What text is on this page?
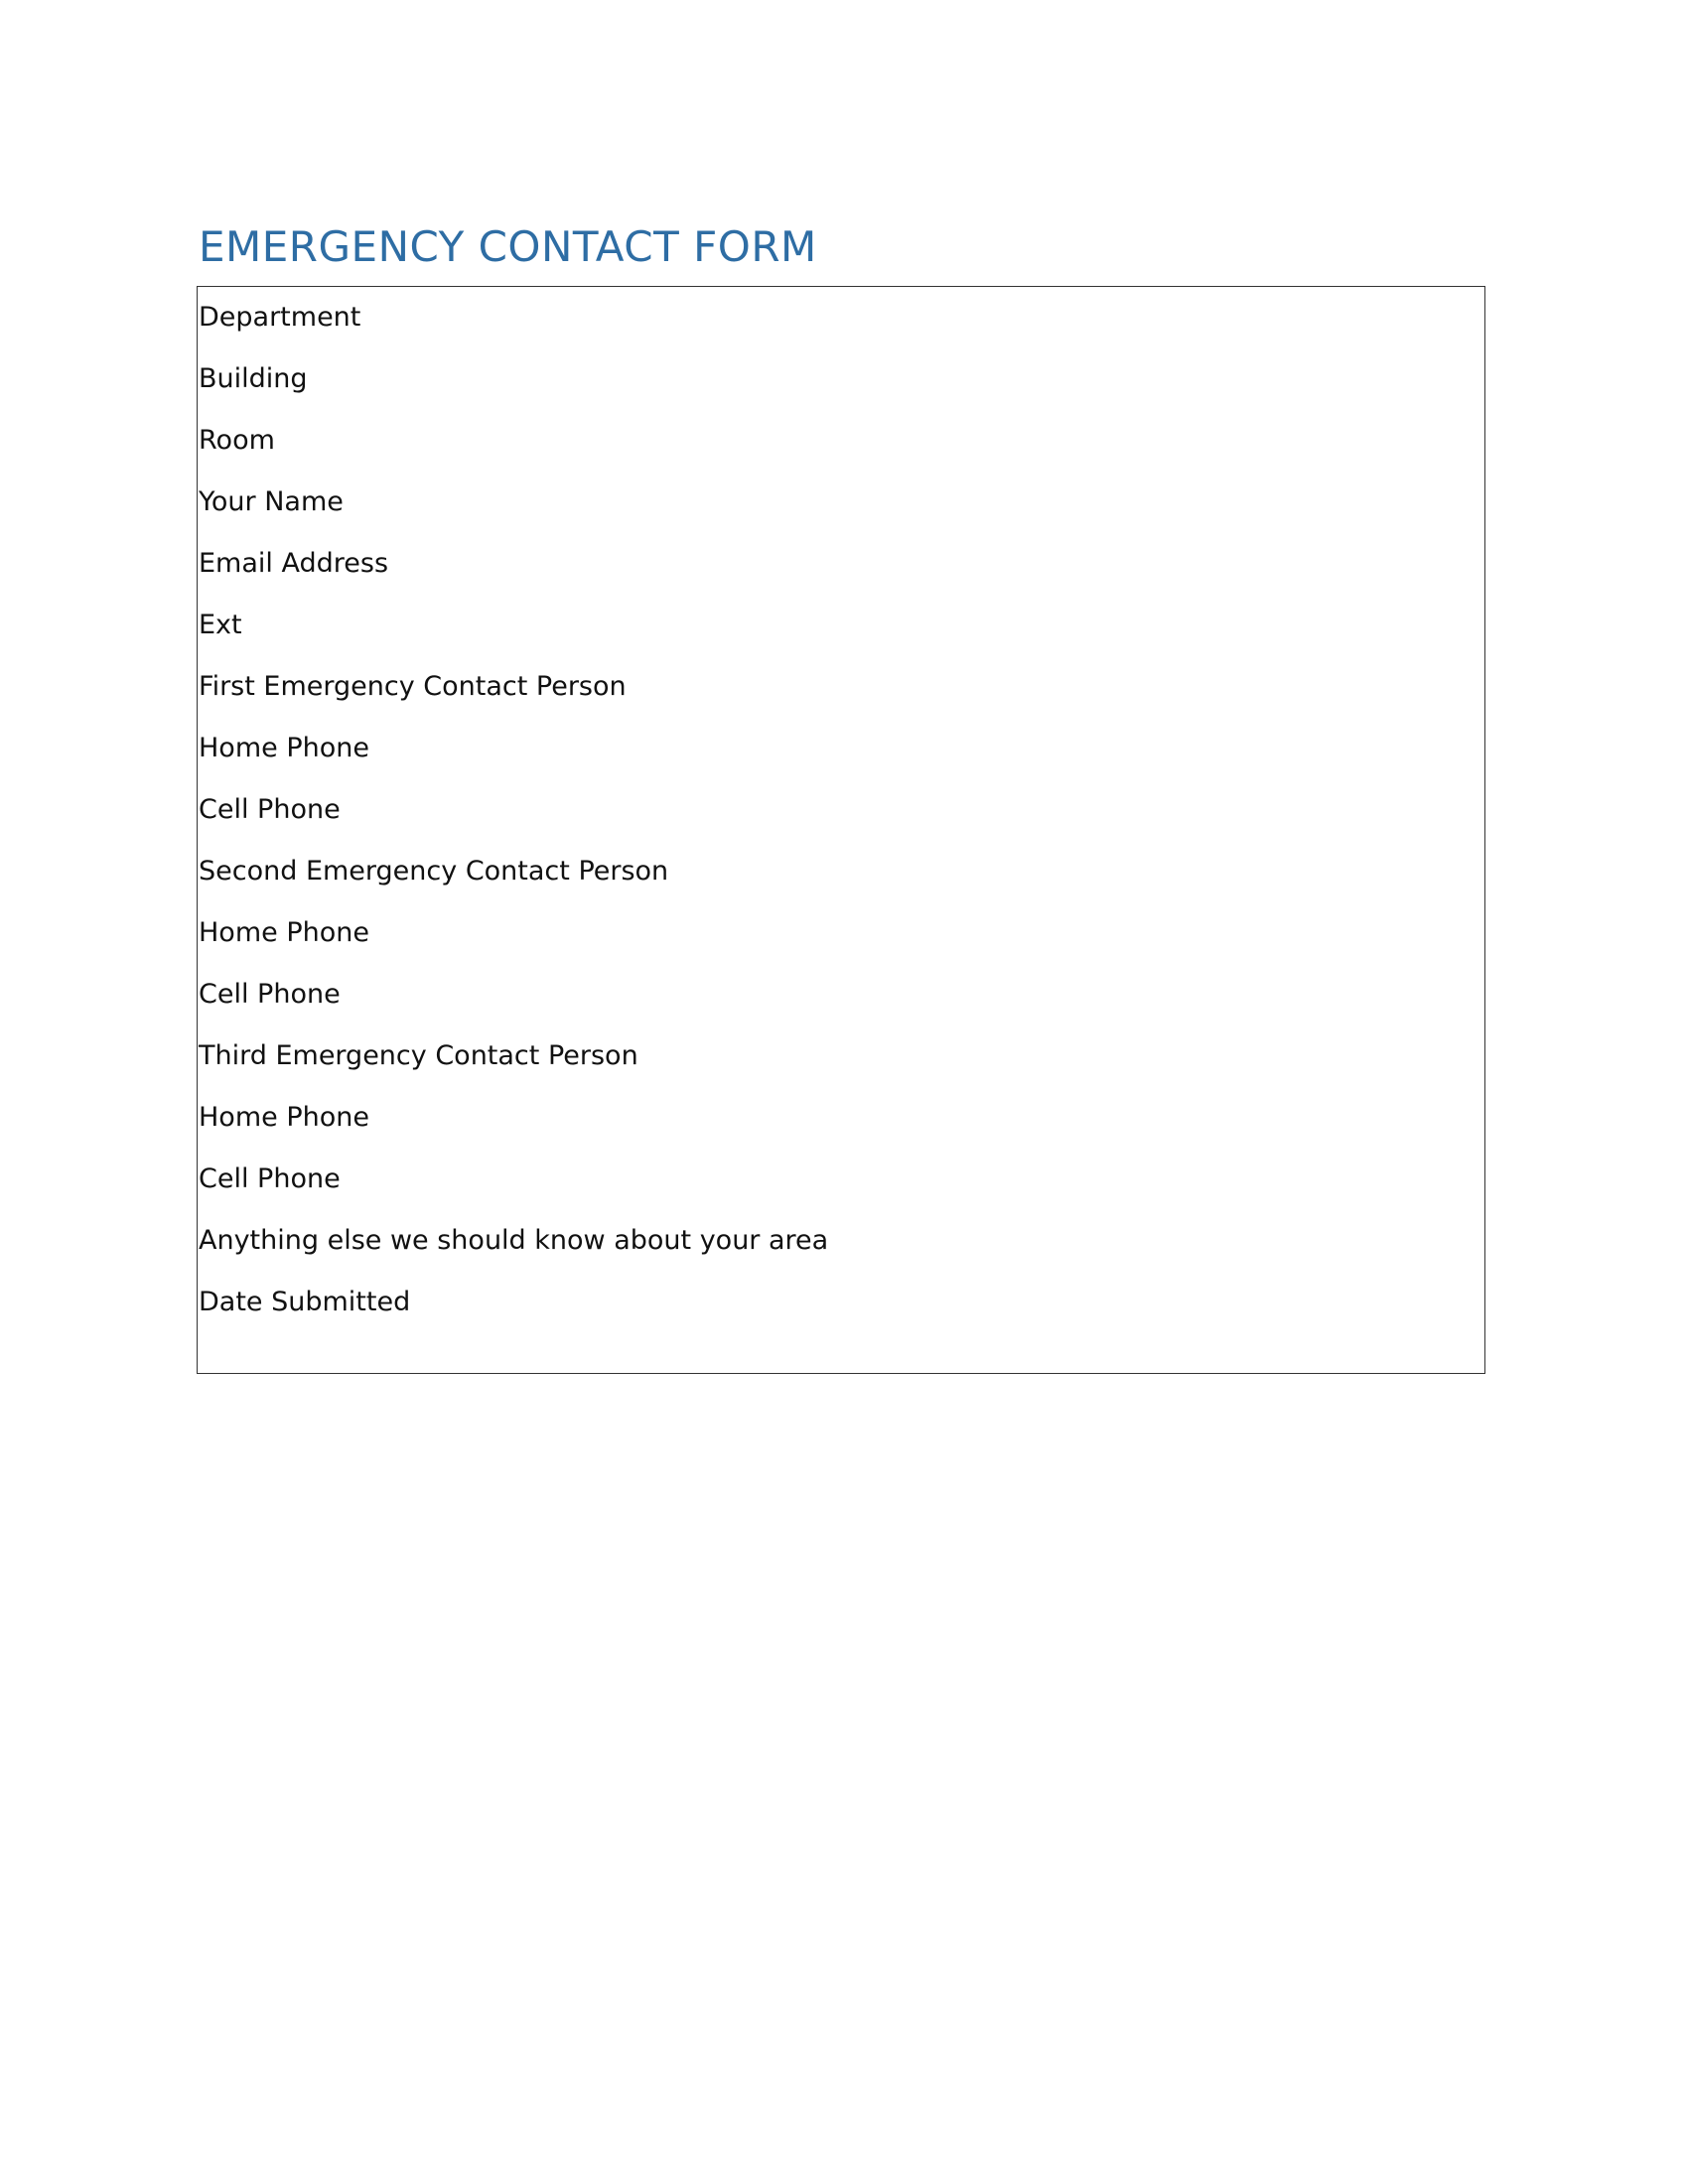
EMERGENCY CONTACT FORM
Department
Building
Room
Your Name
Email Address
Ext
First Emergency Contact Person
Home Phone
Cell Phone
Second Emergency Contact Person
Home Phone
Cell Phone
Third Emergency Contact Person
Home Phone
Cell Phone
Anything else we should know about your area
Date Submitted
